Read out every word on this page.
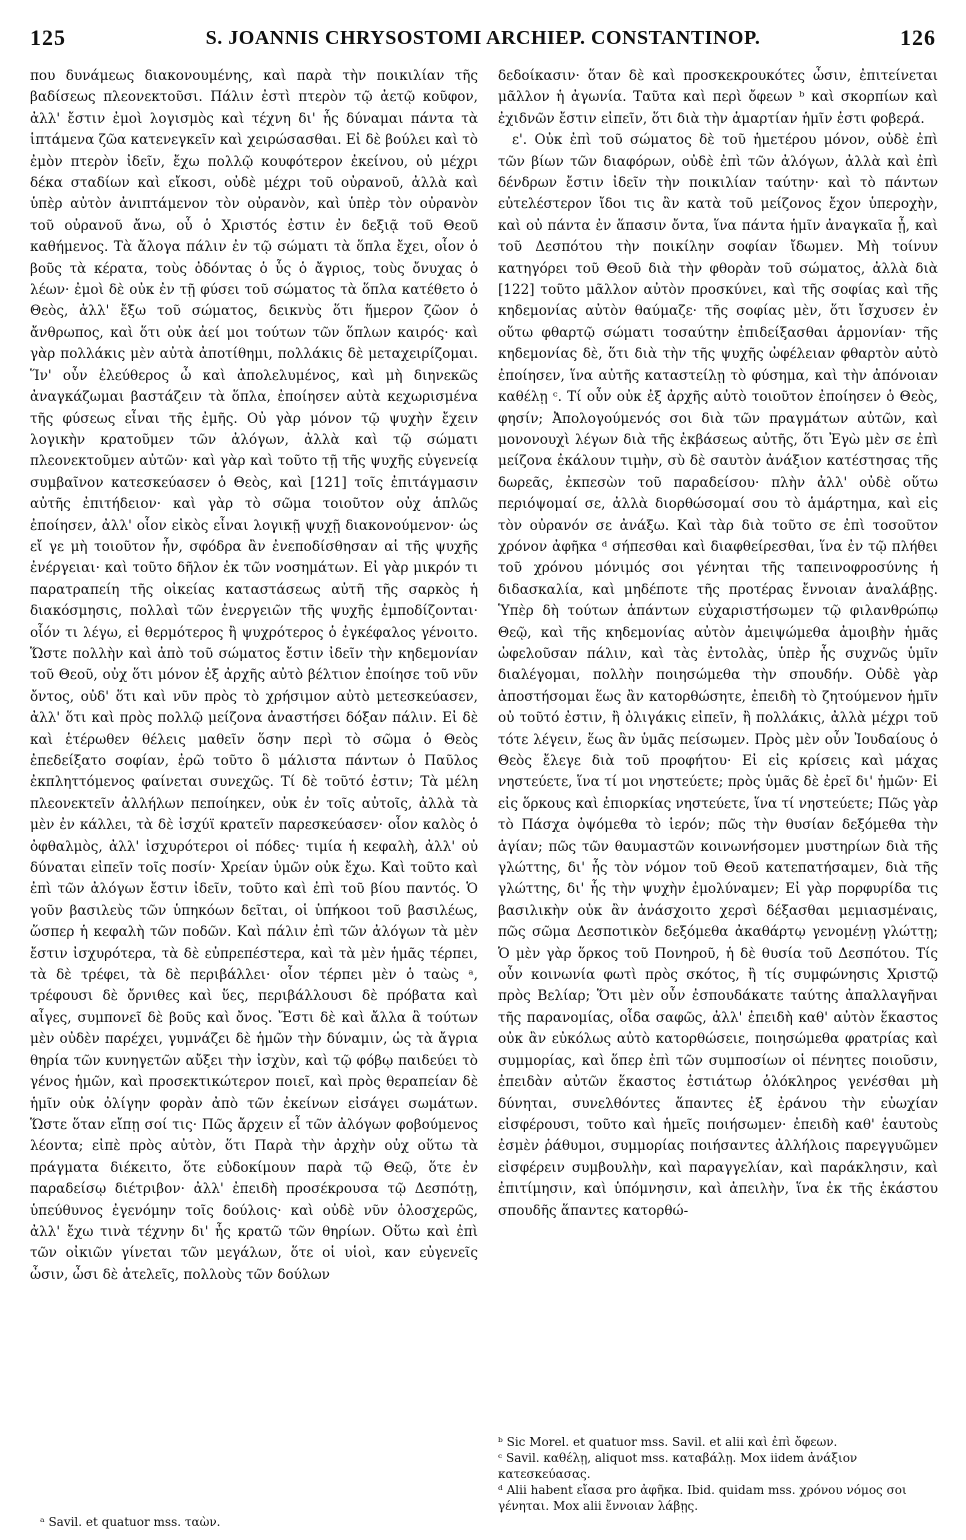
125	S. JOANNIS CHRYSOSTOMI ARCHIEP. CONSTANTINOP.	126

που δυνάμεως διακονουμένης, καὶ παρὰ τὴν ποικιλίαν τῆς βαδίσεως πλεονεκτοῦσι. Πάλιν ἐστὶ πτερὸν τῷ ἀετῷ κοῦφον, ἀλλ' ἔστιν ἐμοὶ λογισμὸς καὶ τέχνη δι' ἧς δύναμαι πάντα τὰ ἱπτάμενα ζῶα κατενεγκεῖν καὶ χειρώσασθαι. Εἰ δὲ βούλει καὶ τὸ ἐμὸν πτερὸν ἰδεῖν, ἔχω πολλῷ κουφότερον ἐκείνου, οὐ μέχρι δέκα σταδίων καὶ εἴκοσι, οὐδὲ μέχρι τοῦ οὐρανοῦ, ἀλλὰ καὶ ὑπὲρ αὐτὸν ἀνιπτάμενον τὸν οὐρανὸν, καὶ ὑπὲρ τὸν οὐρανὸν τοῦ οὐρανοῦ ἄνω, οὗ ὁ Χριστός ἐστιν ἐν δεξιᾷ τοῦ Θεοῦ καθήμενος. Τὰ ἄλογα πάλιν ἐν τῷ σώματι τὰ ὅπλα ἔχει, οἷον ὁ βοῦς τὰ κέρατα, τοὺς ὀδόντας ὁ ὗς ὁ ἄγριος, τοὺς ὄνυχας ὁ λέων· ἐμοὶ δὲ οὐκ ἐν τῇ φύσει τοῦ σώματος τὰ ὅπλα κατέθετο ὁ Θεὸς, ἀλλ' ἔξω τοῦ σώματος, δεικνὺς ὅτι ἥμερον ζῶον ὁ ἄνθρωπος, καὶ ὅτι οὐκ ἀεί μοι τούτων τῶν ὅπλων καιρός· καὶ γὰρ πολλάκις μὲν αὐτὰ ἀποτίθημι, πολλάκις δὲ μεταχειρίζομαι. Ἵν' οὖν ἐλεύθερος ὦ καὶ ἀπολελυμένος, καὶ μὴ διηνεκῶς ἀναγκάζωμαι βαστάζειν τὰ ὅπλα, ἐποίησεν αὐτὰ κεχωρισμένα τῆς φύσεως εἶναι τῆς ἐμῆς. Οὐ γὰρ μόνον τῷ ψυχὴν ἔχειν λογικὴν κρατοῦμεν τῶν ἀλόγων, ἀλλὰ καὶ τῷ σώματι πλεονεκτοῦμεν αὐτῶν· καὶ γὰρ καὶ τοῦτο τῇ τῆς ψυχῆς εὐγενείᾳ συμβαῖνον κατεσκεύασεν ὁ Θεὸς, καὶ [121] τοῖς ἐπιτάγμασιν αὐτῆς ἐπιτήδειον· καὶ γὰρ τὸ σῶμα τοιοῦτον οὐχ ἁπλῶς ἐποίησεν, ἀλλ' οἷον εἰκὸς εἶναι λογικῇ ψυχῇ διακονούμενον· ὡς εἴ γε μὴ τοιοῦτον ἦν, σφόδρα ἂν ἐνεποδίσθησαν αἱ τῆς ψυχῆς ἐνέργειαι· καὶ τοῦτο δῆλον ἐκ τῶν νοσημάτων. Εἰ γὰρ μικρόν τι παρατραπείη τῆς οἰκείας καταστάσεως αὐτῆ τῆς σαρκὸς ἡ διακόσμησις, πολλαὶ τῶν ἐνεργειῶν τῆς ψυχῆς ἐμποδίζονται· οἷόν τι λέγω, εἰ θερμότερος ἢ ψυχρότερος ὁ ἐγκέφαλος γένοιτο. Ὥστε πολλὴν καὶ ἀπὸ τοῦ σώματος ἔστιν ἰδεῖν τὴν κηδεμονίαν τοῦ Θεοῦ, οὐχ ὅτι μόνον ἐξ ἀρχῆς αὐτὸ βέλτιον ἐποίησε τοῦ νῦν ὄντος, οὐδ' ὅτι καὶ νῦν πρὸς τὸ χρήσιμον αὐτὸ μετεσκεύασεν, ἀλλ' ὅτι καὶ πρὸς πολλῷ μείζονα ἀναστήσει δόξαν πάλιν. Εἰ δὲ καὶ ἑτέρωθεν θέλεις μαθεῖν ὅσην περὶ τὸ σῶμα ὁ Θεὸς ἐπεδείξατο σοφίαν, ἐρῶ τοῦτο ὃ μάλιστα πάντων ὁ Παῦλος ἐκπληττόμενος φαίνεται συνεχῶς. Τί δὲ τοῦτό ἐστιν; Τὰ μέλη πλεονεκτεῖν ἀλλήλων πεποίηκεν, οὐκ ἐν τοῖς αὐτοῖς, ἀλλὰ τὰ μὲν ἐν κάλλει, τὰ δὲ ἰσχύϊ κρατεῖν παρεσκεύασεν· οἷον καλὸς ὁ ὀφθαλμὸς, ἀλλ' ἰσχυρότεροι οἱ πόδες· τιμία ἡ κεφαλὴ, ἀλλ' οὐ δύναται εἰπεῖν τοῖς ποσίν· Χρείαν ὑμῶν οὐκ ἔχω. Καὶ τοῦτο καὶ ἐπὶ τῶν ἀλόγων ἔστιν ἰδεῖν, τοῦτο καὶ ἐπὶ τοῦ βίου παντός. Ὁ γοῦν βασιλεὺς τῶν ὑπηκόων δεῖται, οἱ ὑπήκοοι τοῦ βασιλέως, ὥσπερ ἡ κεφαλὴ τῶν ποδῶν. Καὶ πάλιν ἐπὶ τῶν ἀλόγων τὰ μὲν ἔστιν ἰσχυρότερα, τὰ δὲ εὐπρεπέστερα, καὶ τὰ μὲν ἡμᾶς τέρπει, τὰ δὲ τρέφει, τὰ δὲ περιβάλλει· οἷον τέρπει μὲν ὁ ταὼς ᵃ, τρέφουσι δὲ ὄρνιθες καὶ ὕες, περιβάλλουσι δὲ πρόβατα καὶ αἶγες, συμπονεῖ δὲ βοῦς καὶ ὄνος. Ἔστι δὲ καὶ ἄλλα ἃ τούτων μὲν οὐδὲν παρέχει, γυμνάζει δὲ ἡμῶν τὴν δύναμιν, ὡς τὰ ἄγρια θηρία τῶν κυνηγετῶν αὔξει τὴν ἰσχὺν, καὶ τῷ φόβῳ παιδεύει τὸ γένος ἡμῶν, καὶ προσεκτικώτερον ποιεῖ, καὶ πρὸς θεραπείαν δὲ ἡμῖν οὐκ ὀλίγην φορὰν ἀπὸ τῶν ἐκείνων εἰσάγει σωμάτων. Ὥστε ὅταν εἴπῃ σοί τις· Πῶς ἄρχειν εἶ τῶν ἀλόγων φοβούμενος λέοντα; εἰπὲ πρὸς αὐτὸν, ὅτι Παρὰ τὴν ἀρχὴν οὐχ οὕτω τὰ πράγματα διέκειτο, ὅτε εὐδοκίμουν παρὰ τῷ Θεῷ, ὅτε ἐν παραδείσῳ διέτριβον· ἀλλ' ἐπειδὴ προσέκρουσα τῷ Δεσπότῃ, ὑπεύθυνος ἐγενόμην τοῖς δούλοις· καὶ οὐδὲ νῦν ὁλοσχερῶς, ἀλλ' ἔχω τινὰ τέχνην δι' ἧς κρατῶ τῶν θηρίων. Οὕτω καὶ ἐπὶ τῶν οἰκιῶν γίνεται τῶν μεγάλων, ὅτε οἱ υἱοὶ, καν εὐγενεῖς ὦσιν, ὦσι δὲ ἀτελεῖς, πολλοὺς τῶν δούλων

δεδοίκασιν· ὅταν δὲ καὶ προσκεκρουκότες ὦσιν, ἐπιτείνεται μᾶλλον ἡ ἀγωνία. Ταῦτα καὶ περὶ ὄφεων ᵇ καὶ σκορπίων καὶ ἐχιδνῶν ἔστιν εἰπεῖν, ὅτι διὰ τὴν ἁμαρτίαν ἡμῖν ἐστι φοβερά.

ε'. Οὐκ ἐπὶ τοῦ σώματος δὲ τοῦ ἡμετέρου μόνον, οὐδὲ ἐπὶ τῶν βίων τῶν διαφόρων, οὐδὲ ἐπὶ τῶν ἀλόγων, ἀλλὰ καὶ ἐπὶ δένδρων ἔστιν ἰδεῖν τὴν ποικιλίαν ταύτην· καὶ τὸ πάντων εὐτελέστερον ἴδοι τις ἂν κατὰ τοῦ μείζονος ἔχον ὑπεροχὴν, καὶ οὐ πάντα ἐν ἅπασιν ὄντα, ἵνα πάντα ἡμῖν ἀναγκαῖα ᾖ, καὶ τοῦ Δεσπότου τὴν ποικίλην σοφίαν ἴδωμεν. Μὴ τοίνυν κατηγόρει τοῦ Θεοῦ διὰ τὴν φθορὰν τοῦ σώματος, ἀλλὰ διὰ [122] τοῦτο μᾶλλον αὐτὸν προσκύνει, καὶ τῆς σοφίας καὶ τῆς κηδεμονίας αὐτὸν θαύμαζε· τῆς σοφίας μὲν, ὅτι ἴσχυσεν ἐν οὕτω φθαρτῷ σώματι τοσαύτην ἐπιδείξασθαι ἁρμονίαν· τῆς κηδεμονίας δὲ, ὅτι διὰ τὴν τῆς ψυχῆς ὠφέλειαν φθαρτὸν αὐτὸ ἐποίησεν, ἵνα αὐτῆς καταστείλῃ τὸ φύσημα, καὶ τὴν ἀπόνοιαν καθέλῃ ᶜ. Τί οὖν οὐκ ἐξ ἀρχῆς αὐτὸ τοιοῦτον ἐποίησεν ὁ Θεὸς, φησίν; Ἀπολογούμενός σοι διὰ τῶν πραγμάτων αὐτῶν, καὶ μονονουχὶ λέγων διὰ τῆς ἐκβάσεως αὐτῆς, ὅτι Ἐγὼ μὲν σε ἐπὶ μείζονα ἐκάλουν τιμὴν, σὺ δὲ σαυτὸν ἀνάξιον κατέστησας τῆς δωρεᾶς, ἐκπεσὼν τοῦ παραδείσου· πλὴν ἀλλ' οὐδὲ οὕτω περιόψομαί σε, ἀλλὰ διορθώσομαί σου τὸ ἁμάρτημα, καὶ εἰς τὸν οὐρανόν σε ἀνάξω. Καὶ τὰρ διὰ τοῦτο σε ἐπὶ τοσοῦτον χρόνον ἀφῆκα ᵈ σήπεσθαι καὶ διαφθείρεσθαι, ἵνα ἐν τῷ πλήθει τοῦ χρόνου μόνιμός σοι γένηται τῆς ταπεινοφροσύνης ἡ διδασκαλία, καὶ μηδέποτε τῆς προτέρας ἔννοιαν ἀναλάβῃς. Ὑπὲρ δὴ τούτων ἁπάντων εὐχαριστήσωμεν τῷ φιλανθρώπῳ Θεῷ, καὶ τῆς κηδεμονίας αὐτὸν ἀμειψώμεθα ἀμοιβὴν ἡμᾶς ὠφελοῦσαν πάλιν, καὶ τὰς ἐντολὰς, ὑπὲρ ἧς συχνῶς ὑμῖν διαλέγομαι, πολλὴν ποιησώμεθα τὴν σπουδήν. Οὐδὲ γὰρ ἀποστήσομαι ἕως ἂν κατορθώσητε, ἐπειδὴ τὸ ζητούμενον ἡμῖν οὐ τοῦτό ἐστιν, ἢ ὀλιγάκις εἰπεῖν, ἢ πολλάκις, ἀλλὰ μέχρι τοῦ τότε λέγειν, ἕως ἂν ὑμᾶς πείσωμεν. Πρὸς μὲν οὖν Ἰουδαίους ὁ Θεὸς ἔλεγε διὰ τοῦ προφήτου· Εἰ εἰς κρίσεις καὶ μάχας νηστεύετε, ἵνα τί μοι νηστεύετε; πρὸς ὑμᾶς δὲ ἐρεῖ δι' ἡμῶν· Εἰ εἰς ὅρκους καὶ ἐπιορκίας νηστεύετε, ἵνα τί νηστεύετε; Πῶς γὰρ τὸ Πάσχα ὀψόμεθα τὸ ἱερόν; πῶς τὴν θυσίαν δεξόμεθα τὴν ἁγίαν; πῶς τῶν θαυμαστῶν κοινωνήσομεν μυστηρίων διὰ τῆς γλώττης, δι' ἧς τὸν νόμον τοῦ Θεοῦ κατεπατήσαμεν, διὰ τῆς γλώττης, δι' ἧς τὴν ψυχὴν ἐμολύναμεν; Εἰ γὰρ πορφυρίδα τις βασιλικὴν οὐκ ἂν ἀνάσχοιτο χερσὶ δέξασθαι μεμιασμέναις, πῶς σῶμα Δεσποτικὸν δεξόμεθα ἀκαθάρτῳ γενομένῃ γλώττῃ; Ὁ μὲν γὰρ ὅρκος τοῦ Πονηροῦ, ἡ δὲ θυσία τοῦ Δεσπότου. Τίς οὖν κοινωνία φωτὶ πρὸς σκότος, ἢ τίς συμφώνησις Χριστῷ πρὸς Βελίαρ; Ὅτι μὲν οὖν ἐσπουδάκατε ταύτης ἀπαλλαγῆναι τῆς παρανομίας, οἶδα σαφῶς, ἀλλ' ἐπειδὴ καθ' αὐτὸν ἕκαστος οὐκ ἂν εὐκόλως αὐτὸ κατορθώσειε, ποιησώμεθα φρατρίας καὶ συμμορίας, καὶ ὅπερ ἐπὶ τῶν συμποσίων οἱ πένητες ποιοῦσιν, ἐπειδὰν αὐτῶν ἕκαστος ἑστιάτωρ ὁλόκληρος γενέσθαι μὴ δύνηται, συνελθόντες ἅπαντες ἐξ ἐράνου τὴν εὐωχίαν εἰσφέρουσι, τοῦτο καὶ ἡμεῖς ποιήσωμεν· ἐπειδὴ καθ' ἑαυτοὺς ἐσμὲν ῥάθυμοι, συμμορίας ποιήσαντες ἀλλήλοις παρεγγυῶμεν εἰσφέρειν συμβουλὴν, καὶ παραγγελίαν, καὶ παράκλησιν, καὶ ἐπιτίμησιν, καὶ ὑπόμνησιν, καὶ ἀπειλὴν, ἵνα ἐκ τῆς ἑκάστου σπουδῆς ἅπαντες κατορθώ-

ᵇ Sic Morel. et quatuor mss. Savil. et alii καὶ ἐπὶ ὄφεων.
ᶜ Savil. καθέλῃ, aliquot mss. καταβάλῃ. Mox iidem ἀνάξιον κατεσκεύασας.
ᵈ Alii habent εἴασα pro ἀφῆκα. Ibid. quidam mss. χρόνου νόμος σοι γένηται. Mox alii ἔννοιαν λάβῃς.
ᵃ Savil. et quatuor mss. ταὼν.
